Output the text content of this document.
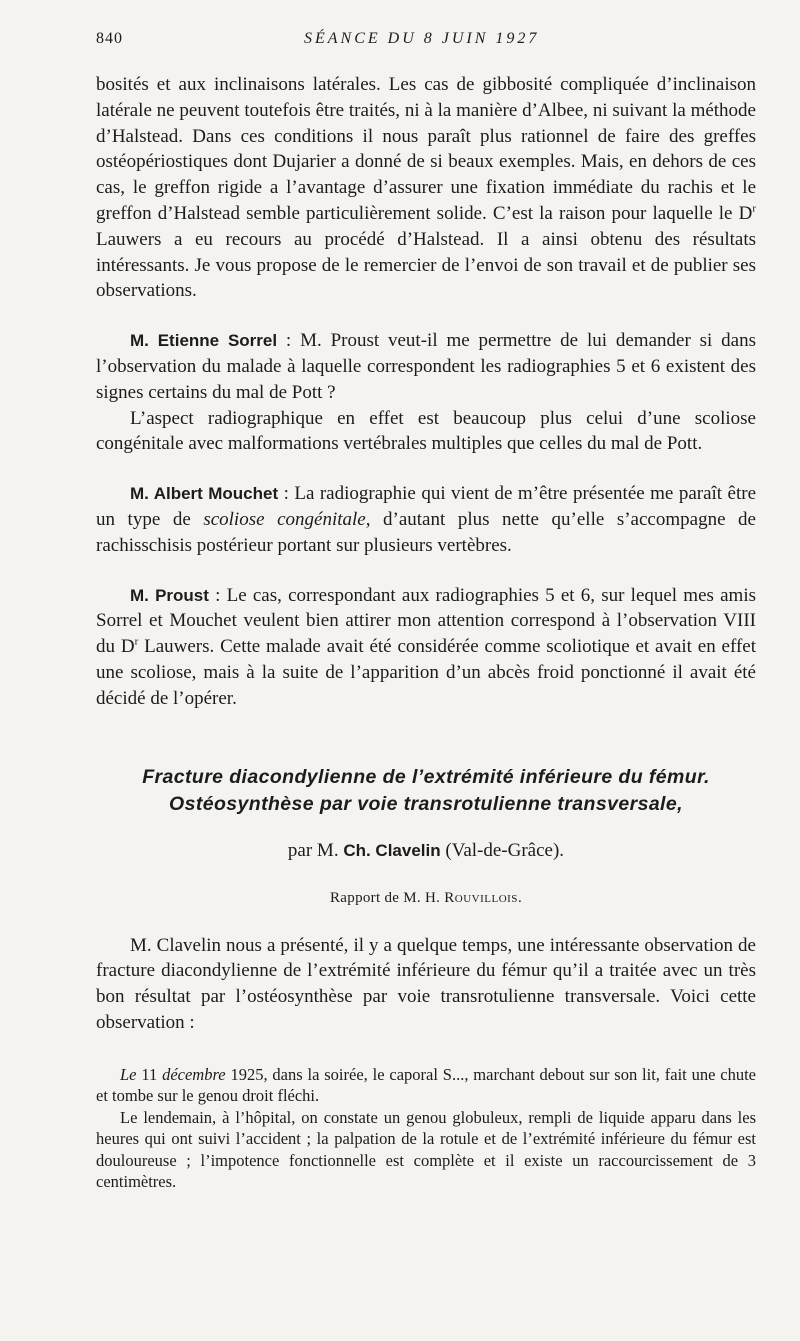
840	SÉANCE DU 8 JUIN 1927

bosités et aux inclinaisons latérales. Les cas de gibbosité compliquée d’inclinaison latérale ne peuvent toutefois être traités, ni à la manière d’Albee, ni suivant la méthode d’Halstead. Dans ces conditions il nous paraît plus rationnel de faire des greffes ostéopériostiques dont Dujarier a donné de si beaux exemples. Mais, en dehors de ces cas, le greffon rigide a l’avantage d’assurer une fixation immédiate du rachis et le greffon d’Halstead semble particulièrement solide. C’est la raison pour laquelle le $D^r$ Lauwers a eu recours au procédé d’Halstead. Il a ainsi obtenu des résultats intéressants. Je vous propose de le remercier de l’envoi de son travail et de publier ses observations.

M. Etienne Sorrel : M. Proust veut-il me permettre de lui demander si dans l’observation du malade à laquelle correspondent les radiographies 5 et 6 existent des signes certains du mal de Pott ?

L’aspect radiographique en effet est beaucoup plus celui d’une scoliose congénitale avec malformations vertébrales multiples que celles du mal de Pott.

M. Albert Mouchet : La radiographie qui vient de m’être présentée me paraît être un type de scoliose congénitale, d’autant plus nette qu’elle s’accompagne de rachisschisis postérieur portant sur plusieurs vertèbres.

M. Proust : Le cas, correspondant aux radiographies 5 et 6, sur lequel mes amis Sorrel et Mouchet veulent bien attirer mon attention correspond à l’observation VIII du $D^r$ Lauwers. Cette malade avait été considérée comme scoliotique et avait en effet une scoliose, mais à la suite de l’apparition d’un abcès froid ponctionné il avait été décidé de l’opérer.

Fracture diacondylienne de l’extrémité inférieure du fémur.
Ostéosynthèse par voie transrotulienne transversale,
par M. Ch. Clavelin (Val-de-Grâce).
Rapport de M. H. Rouvillois.

M. Clavelin nous a présenté, il y a quelque temps, une intéressante observation de fracture diacondylienne de l’extrémité inférieure du fémur qu’il a traitée avec un très bon résultat par l’ostéosynthèse par voie transrotulienne transversale. Voici cette observation :

Le 11 décembre 1925, dans la soirée, le caporal S..., marchant debout sur son lit, fait une chute et tombe sur le genou droit fléchi.

Le lendemain, à l’hôpital, on constate un genou globuleux, rempli de liquide apparu dans les heures qui ont suivi l’accident ; la palpation de la rotule et de l’extrémité inférieure du fémur est douloureuse ; l’impotence fonctionnelle est complète et il existe un raccourcissement de 3 centimètres.
